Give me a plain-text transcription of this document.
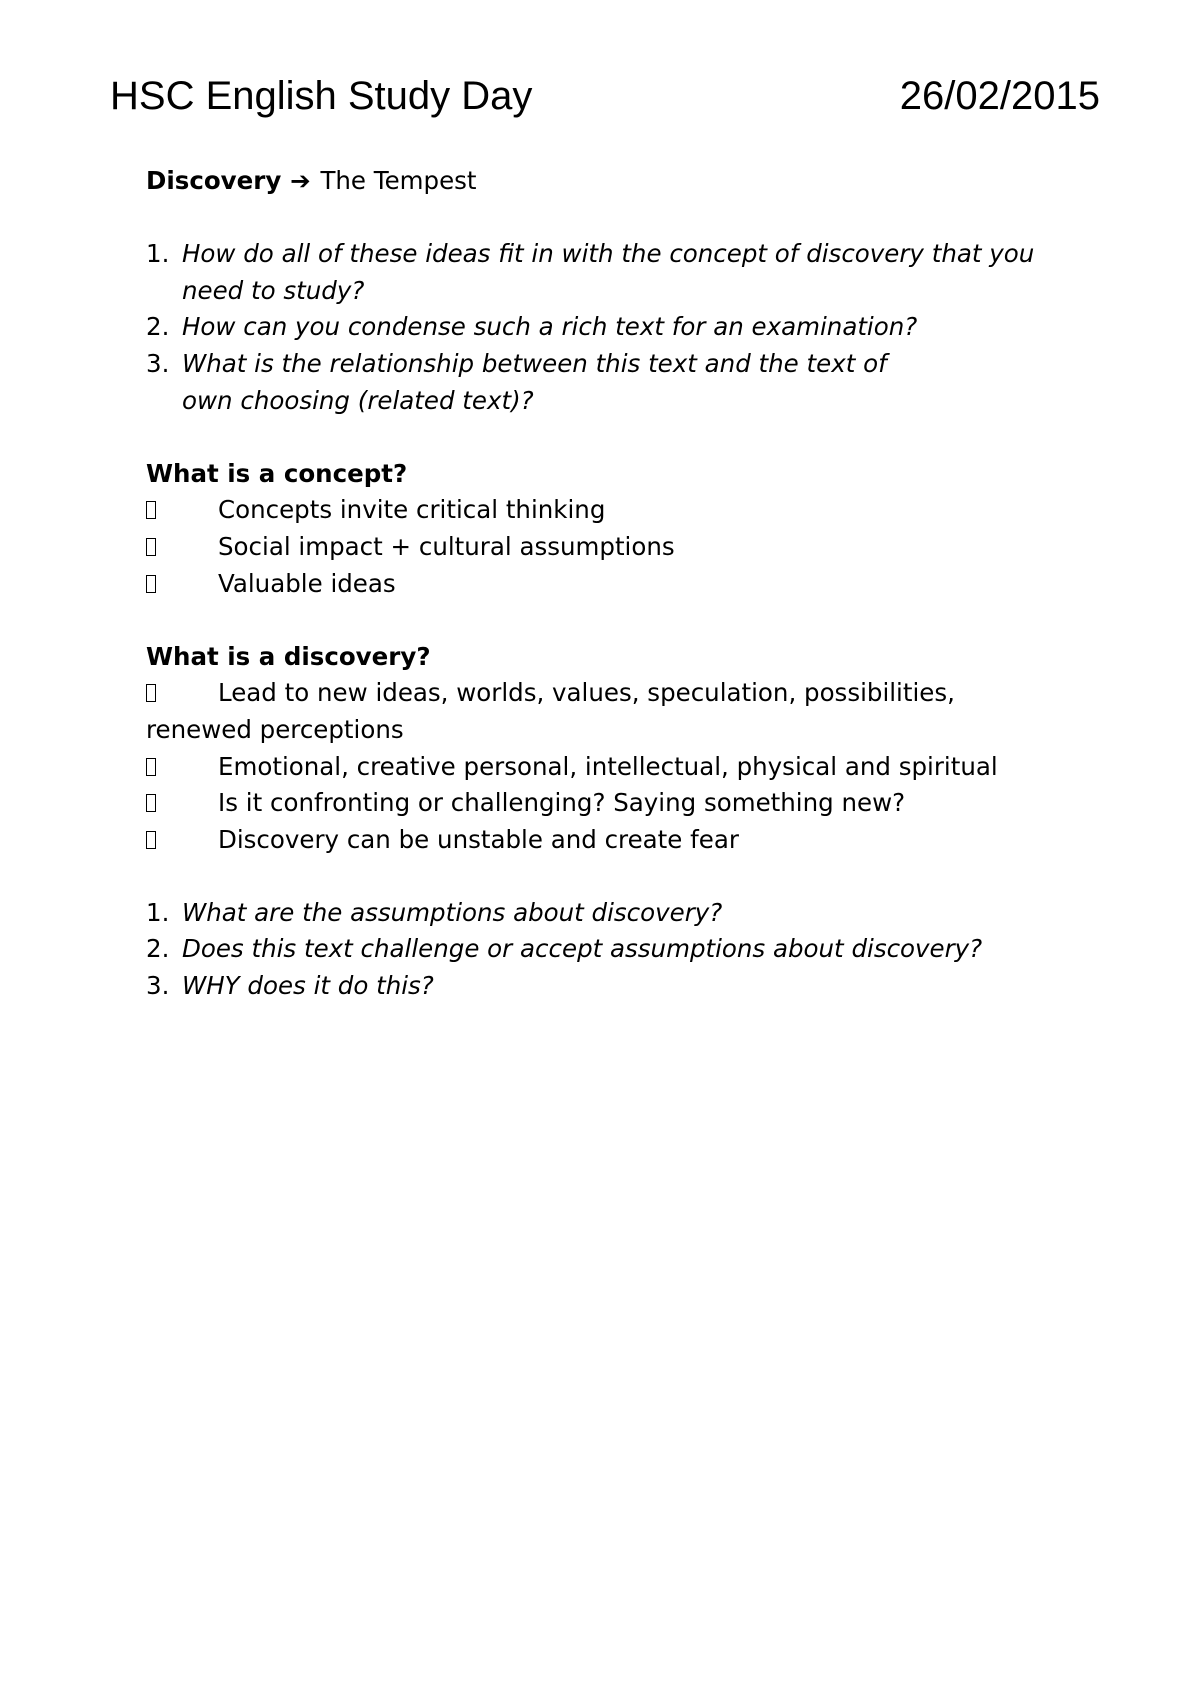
HSC English Study Day	26/02/2015
Discovery ➔ The Tempest
1. How do all of these ideas fit in with the concept of discovery that you need to study?
2. How can you condense such a rich text for an examination?
3. What is the relationship between this text and the text of own choosing (related text)?
What is a concept?
Concepts invite critical thinking
Social impact + cultural assumptions
Valuable ideas
What is a discovery?
Lead to new ideas, worlds, values, speculation, possibilities, renewed perceptions
Emotional, creative personal, intellectual, physical and spiritual
Is it confronting or challenging? Saying something new?
Discovery can be unstable and create fear
1. What are the assumptions about discovery?
2. Does this text challenge or accept assumptions about discovery?
3. WHY does it do this?
